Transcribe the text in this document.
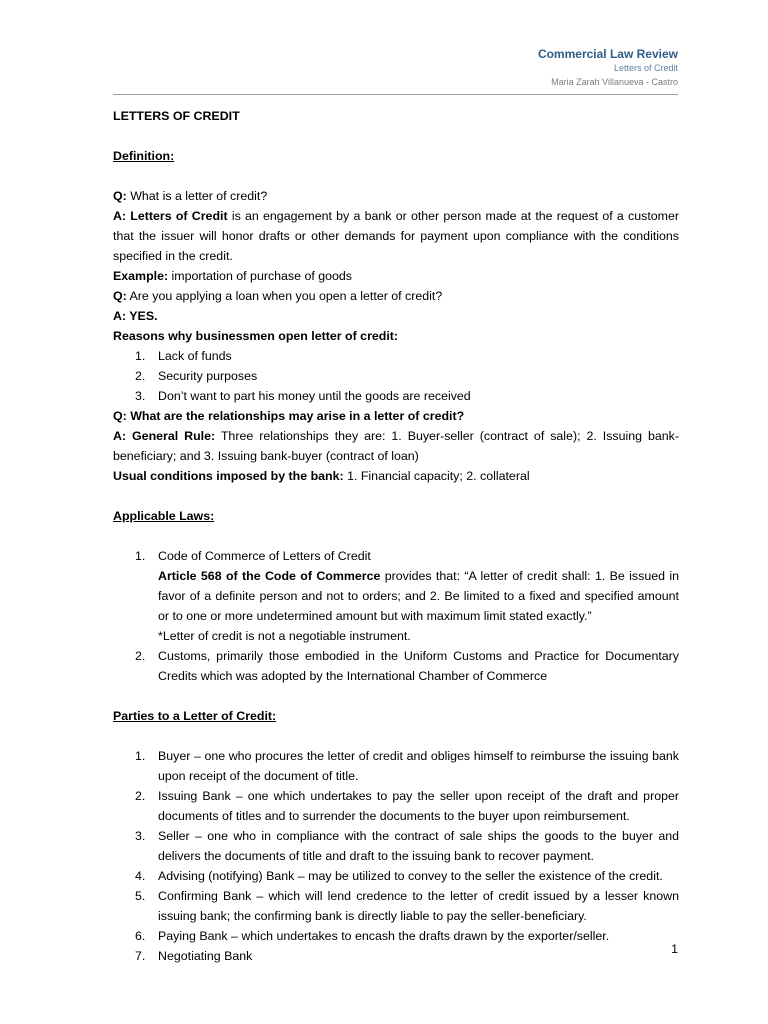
Commercial Law Review
Letters of Credit
Maria Zarah Villanueva - Castro

LETTERS OF CREDIT

Definition:

Q: What is a letter of credit?

A: Letters of Credit is an engagement by a bank or other person made at the request of a customer that the issuer will honor drafts or other demands for payment upon compliance with the conditions specified in the credit.

Example: importation of purchase of goods

Q: Are you applying a loan when you open a letter of credit?

A: YES.

Reasons why businessmen open letter of credit:

1. Lack of funds
2. Security purposes
3. Don’t want to part his money until the goods are received

Q: What are the relationships may arise in a letter of credit?

A: General Rule: Three relationships they are: 1. Buyer-seller (contract of sale); 2. Issuing bank-beneficiary; and 3. Issuing bank-buyer (contract of loan)

Usual conditions imposed by the bank: 1. Financial capacity; 2. collateral

Applicable Laws:

1. Code of Commerce of Letters of Credit

Article 568 of the Code of Commerce provides that: “A letter of credit shall: 1. Be issued in favor of a definite person and not to orders; and 2. Be limited to a fixed and specified amount or to one or more undetermined amount but with maximum limit stated exactly.”

*Letter of credit is not a negotiable instrument.

2. Customs, primarily those embodied in the Uniform Customs and Practice for Documentary Credits which was adopted by the International Chamber of Commerce

Parties to a Letter of Credit:

1. Buyer – one who procures the letter of credit and obliges himself to reimburse the issuing bank upon receipt of the document of title.
2. Issuing Bank – one which undertakes to pay the seller upon receipt of the draft and proper documents of titles and to surrender the documents to the buyer upon reimbursement.
3. Seller – one who in compliance with the contract of sale ships the goods to the buyer and delivers the documents of title and draft to the issuing bank to recover payment.
4. Advising (notifying) Bank – may be utilized to convey to the seller the existence of the credit.
5. Confirming Bank – which will lend credence to the letter of credit issued by a lesser known issuing bank; the confirming bank is directly liable to pay the seller-beneficiary.
6. Paying Bank – which undertakes to encash the drafts drawn by the exporter/seller.
7. Negotiating Bank	1
